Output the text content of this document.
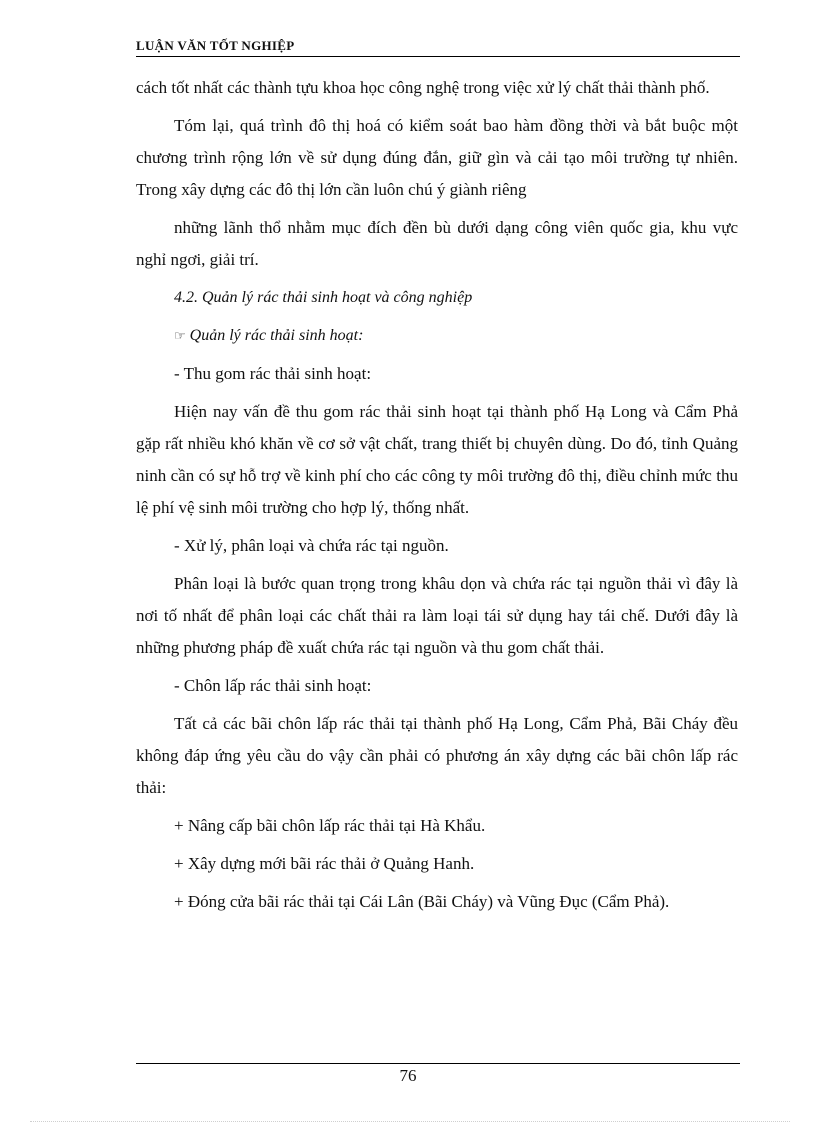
LUẬN VĂN TỐT NGHIỆP

cách tốt nhất các thành tựu khoa học công nghệ trong việc xử lý chất thải thành phố.

Tóm lại, quá trình đô thị hoá có kiểm soát bao hàm đồng thời và bắt buộc một chương trình rộng lớn về sử dụng đúng đắn, giữ gìn và cải tạo môi trường tự nhiên. Trong xây dựng các đô thị lớn cần luôn chú ý giành riêng

những lãnh thổ nhằm mục đích đền bù dưới dạng công viên quốc gia, khu vực nghỉ ngơi, giải trí.

4.2. Quản lý rác thải sinh hoạt và công nghiệp

☞ Quản lý rác thải sinh hoạt:

- Thu gom rác thải sinh hoạt:

Hiện nay vấn đề thu gom rác thải sinh hoạt tại thành phố Hạ Long và Cẩm Phả gặp rất nhiều khó khăn về cơ sở vật chất, trang thiết bị chuyên dùng. Do đó, tỉnh Quảng ninh cần có sự hỗ trợ về kinh phí cho các công ty môi trường đô thị, điều chỉnh mức thu lệ phí vệ sinh môi trường cho hợp lý, thống nhất.

- Xử lý, phân loại và chứa rác tại nguồn.

Phân loại là bước quan trọng trong khâu dọn và chứa rác tại nguồn thải vì đây là nơi tố nhất để phân loại các chất thải ra làm loại tái sử dụng hay tái chế. Dưới đây là những phương pháp đề xuất chứa rác tại nguồn và thu gom chất thải.

- Chôn lấp rác thải sinh hoạt:

Tất cả các bãi chôn lấp rác thải tại thành phố Hạ Long, Cẩm Phả, Bãi Cháy đều không đáp ứng yêu cầu do vậy cần phải có phương án xây dựng các bãi chôn lấp rác thải:

+ Nâng cấp bãi chôn lấp rác thải tại Hà Khẩu.

+ Xây dựng mới bãi rác thải ở Quảng Hanh.

+ Đóng cửa bãi rác thải tại Cái Lân (Bãi Cháy) và Vũng Đục (Cẩm Phả).

76
